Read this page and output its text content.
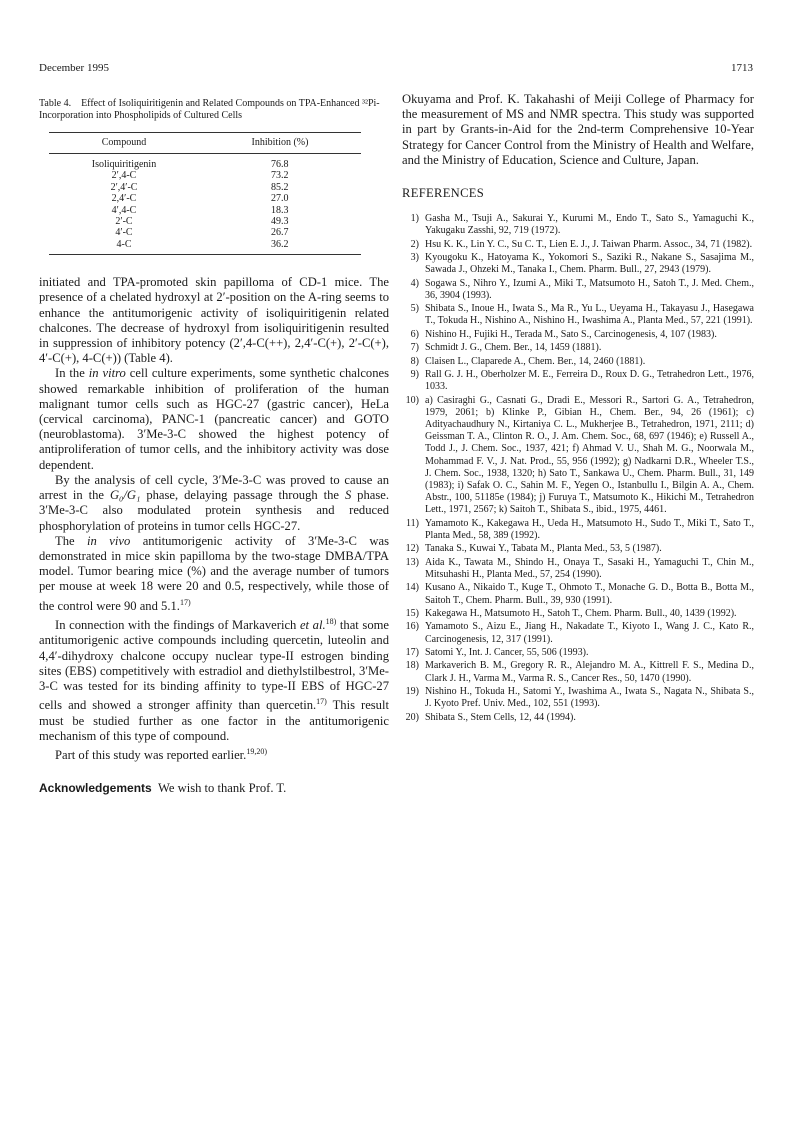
December 1995	1713
Table 4. Effect of Isoliquiritigenin and Related Compounds on TPA-Enhanced ³²Pi-Incorporation into Phospholipids of Cultured Cells
Compound	Inhibition (%)
Isoliquiritigenin	76.8
2′,4-C	73.2
2′,4′-C	85.2
2,4′-C	27.0
4′,4-C	18.3
2′-C	49.3
4′-C	26.7
4-C	36.2

initiated and TPA-promoted skin papilloma of CD-1 mice. The presence of a chelated hydroxyl at 2′-position on the A-ring seems to enhance the antitumorigenic activity of isoliquiritigenin related chalcones. The decrease of hydroxyl from isoliquiritigenin resulted in suppression of inhibitory potency (2′,4-C(++), 2,4′-C(+), 2′-C(+), 4′-C(+), 4-C(+)) (Table 4).

In the in vitro cell culture experiments, some synthetic chalcones showed remarkable inhibition of proliferation of the human malignant tumor cells such as HGC-27 (gastric cancer), HeLa (cervical carcinoma), PANC-1 (pancreatic cancer) and GOTO (neuroblastoma). 3′Me-3-C showed the highest potency of antiproliferation of tumor cells, and the inhibitory activity was dose dependent.

By the analysis of cell cycle, 3′Me-3-C was proved to cause an arrest in the G₀/G₁ phase, delaying passage through the S phase. 3′Me-3-C also modulated protein synthesis and reduced phosphorylation of proteins in tumor cells HGC-27.

The in vivo antitumorigenic activity of 3′Me-3-C was demonstrated in mice skin papilloma by the two-stage DMBA/TPA model. Tumor bearing mice (%) and the average number of tumors per mouse at week 18 were 20 and 0.5, respectively, while those of the control were 90 and 5.1.$^{17)}$

In connection with the findings of Markaverich et al.$^{18)}$ that some antitumorigenic active compounds including quercetin, luteolin and 4,4′-dihydroxy chalcone occupy nuclear type-II estrogen binding sites (EBS) competitively with estradiol and diethylstilbestrol, 3′Me-3-C was tested for its binding affinity to type-II EBS of HGC-27 cells and showed a stronger affinity than quercetin.$^{17)}$ This result must be studied further as one factor in the antitumorigenic mechanism of this type of compound.

Part of this study was reported earlier.$^{19,20)}$

Acknowledgements We wish to thank Prof. T.
Okuyama and Prof. K. Takahashi of Meiji College of Pharmacy for the measurement of MS and NMR spectra. This study was supported in part by Grants-in-Aid for the 2nd-term Comprehensive 10-Year Strategy for Cancer Control from the Ministry of Health and Welfare, and the Ministry of Education, Science and Culture, Japan.
REFERENCES
1) Gasha M., Tsuji A., Sakurai Y., Kurumi M., Endo T., Sato S., Yamaguchi K., Yakugaku Zasshi, 92, 719 (1972).
2) Hsu K. K., Lin Y. C., Su C. T., Lien E. J., J. Taiwan Pharm. Assoc., 34, 71 (1982).
3) Kyougoku K., Hatoyama K., Yokomori S., Saziki R., Nakane S., Sasajima M., Sawada J., Ohzeki M., Tanaka I., Chem. Pharm. Bull., 27, 2943 (1979).
4) Sogawa S., Nihro Y., Izumi A., Miki T., Matsumoto H., Satoh T., J. Med. Chem., 36, 3904 (1993).
5) Shibata S., Inoue H., Iwata S., Ma R., Yu L., Ueyama H., Takayasu J., Hasegawa T., Tokuda H., Nishino A., Nishino H., Iwashima A., Planta Med., 57, 221 (1991).
6) Nishino H., Fujiki H., Terada M., Sato S., Carcinogenesis, 4, 107 (1983).
7) Schmidt J. G., Chem. Ber., 14, 1459 (1881).
8) Claisen L., Claparede A., Chem. Ber., 14, 2460 (1881).
9) Rall G. J. H., Oberholzer M. E., Ferreira D., Roux D. G., Tetrahedron Lett., 1976, 1033.
10) a) Casiraghi G., Casnati G., Dradi E., Messori R., Sartori G. A., Tetrahedron, 1979, 2061; b) Klinke P., Gibian H., Chem. Ber., 94, 26 (1961); c) Adityachaudhury N., Kirtaniya C. L., Mukherjee B., Tetrahedron, 1971, 2111; d) Geissman T. A., Clinton R. O., J. Am. Chem. Soc., 68, 697 (1946); e) Russell A., Todd J., J. Chem. Soc., 1937, 421; f) Ahmad V. U., Shah M. G., Noorwala M., Mohammad F. V., J. Nat. Prod., 55, 956 (1992); g) Nadkarni D.R., Wheeler T.S., J. Chem. Soc., 1938, 1320; h) Sato T., Sankawa U., Chem. Pharm. Bull., 31, 149 (1983); i) Safak O. C., Sahin M. F., Yegen O., Istanbullu I., Bilgin A. A., Chem. Abstr., 100, 51185e (1984); j) Furuya T., Matsumoto K., Hikichi M., Tetrahedron Lett., 1971, 2567; k) Saitoh T., Shibata S., ibid., 1975, 4461.
11) Yamamoto K., Kakegawa H., Ueda H., Matsumoto H., Sudo T., Miki T., Sato T., Planta Med., 58, 389 (1992).
12) Tanaka S., Kuwai Y., Tabata M., Planta Med., 53, 5 (1987).
13) Aida K., Tawata M., Shindo H., Onaya T., Sasaki H., Yamaguchi T., Chin M., Mitsuhashi H., Planta Med., 57, 254 (1990).
14) Kusano A., Nikaido T., Kuge T., Ohmoto T., Monache G. D., Botta B., Botta M., Saitoh T., Chem. Pharm. Bull., 39, 930 (1991).
15) Kakegawa H., Matsumoto H., Satoh T., Chem. Pharm. Bull., 40, 1439 (1992).
16) Yamamoto S., Aizu E., Jiang H., Nakadate T., Kiyoto I., Wang J. C., Kato R., Carcinogenesis, 12, 317 (1991).
17) Satomi Y., Int. J. Cancer, 55, 506 (1993).
18) Markaverich B. M., Gregory R. R., Alejandro M. A., Kittrell F. S., Medina D., Clark J. H., Varma M., Varma R. S., Cancer Res., 50, 1470 (1990).
19) Nishino H., Tokuda H., Satomi Y., Iwashima A., Iwata S., Nagata N., Shibata S., J. Kyoto Pref. Univ. Med., 102, 551 (1993).
20) Shibata S., Stem Cells, 12, 44 (1994).
